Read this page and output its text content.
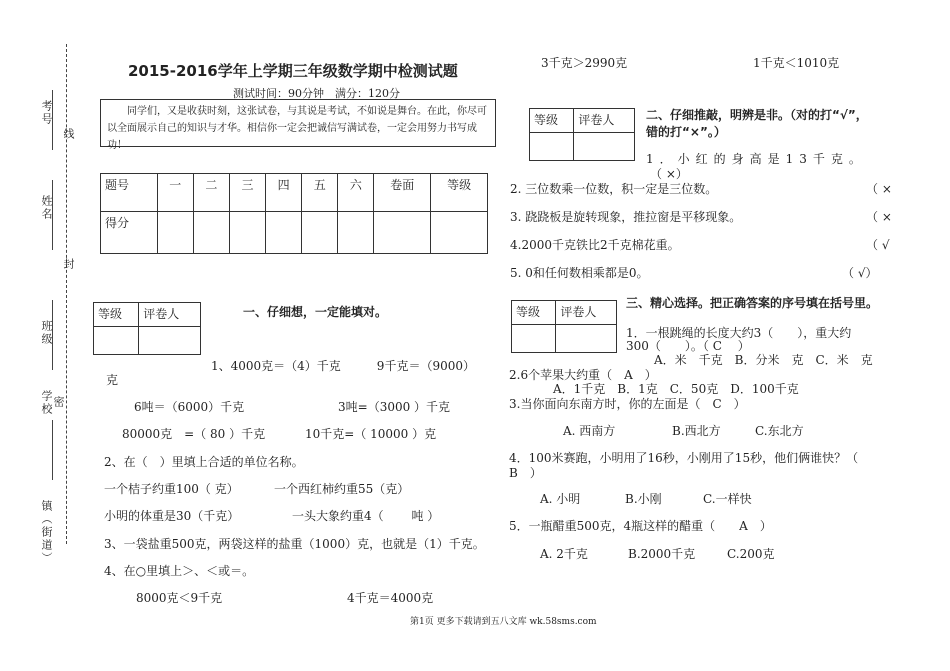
考号
线
姓名
封
班级
学校 密
镇（街道）
2015-2016学年上学期三年级数学期中检测试题
测试时间：90分钟　满分：120分
同学们，又是收获时刻，这张试卷，与其说是考试，不如说是舞台。在此，你尽可以全面展示自己的知识与才华。相信你一定会把诚信写满试卷，一定会用努力书写成功！
题号	一	二	三	四	五	六	卷面	等级
得分								
等级	评卷人
		一、仔细想，一定能填对。
1、4000克＝（4）千克　　　9千克＝（9000）
克
6吨＝（6000）千克	3吨=（3000 ）千克
80000克　=（ 80 ）千克	10千克=（ 10000 ）克
2、在（　）里填上合适的单位名称。
一个桔子约重100（ 克）	一个西红柿约重55（克）
小明的体重是30（千克）	一头大象约重4（　　 吨 ）
3、一袋盐重500克，两袋这样的盐重（1000）克，也就是（1）千克。
4、在○里填上＞、＜或＝。
8000克＜9千克	4千克＝4000克
3千克＞2990克	1千克＜1010克
等级	评卷人
		二、仔细推敲，明辨是非。（对的打“√”，
错的打“×”。）
1．小红的身高是13千克。
（ ×）
2. 三位数乘一位数，积一定是三位数。	（ ×
3. 跷跷板是旋转现象，推拉窗是平移现象。	（ ×
4.2000千克铁比2千克棉花重。	（ √
5. 0和任何数相乘都是0。	（ √）
等级	评卷人

三、精心选择。把正确答案的序号填在括号里。
1．一根跳绳的长度大约3（　　），重大约
300（　　）。（ C　 ）
A．米　千克　B．分米　克　C．米　克
2.6个苹果大约重（　A　）
A．1千克　B．1克　C．50克　D．100千克
3.当你面向东南方时，你的左面是（　C　）
A. 西南方	B.西北方	C.东北方
4．100米赛跑，小明用了16秒，小刚用了15秒，他们俩谁快？（
B　）
A. 小明	B.小刚	C.一样快
5．一瓶醋重500克，4瓶这样的醋重（　　A　）
A. 2千克	B.2000千克	C.200克
第1页 更多下载请到五八文库 wk.58sms.com
